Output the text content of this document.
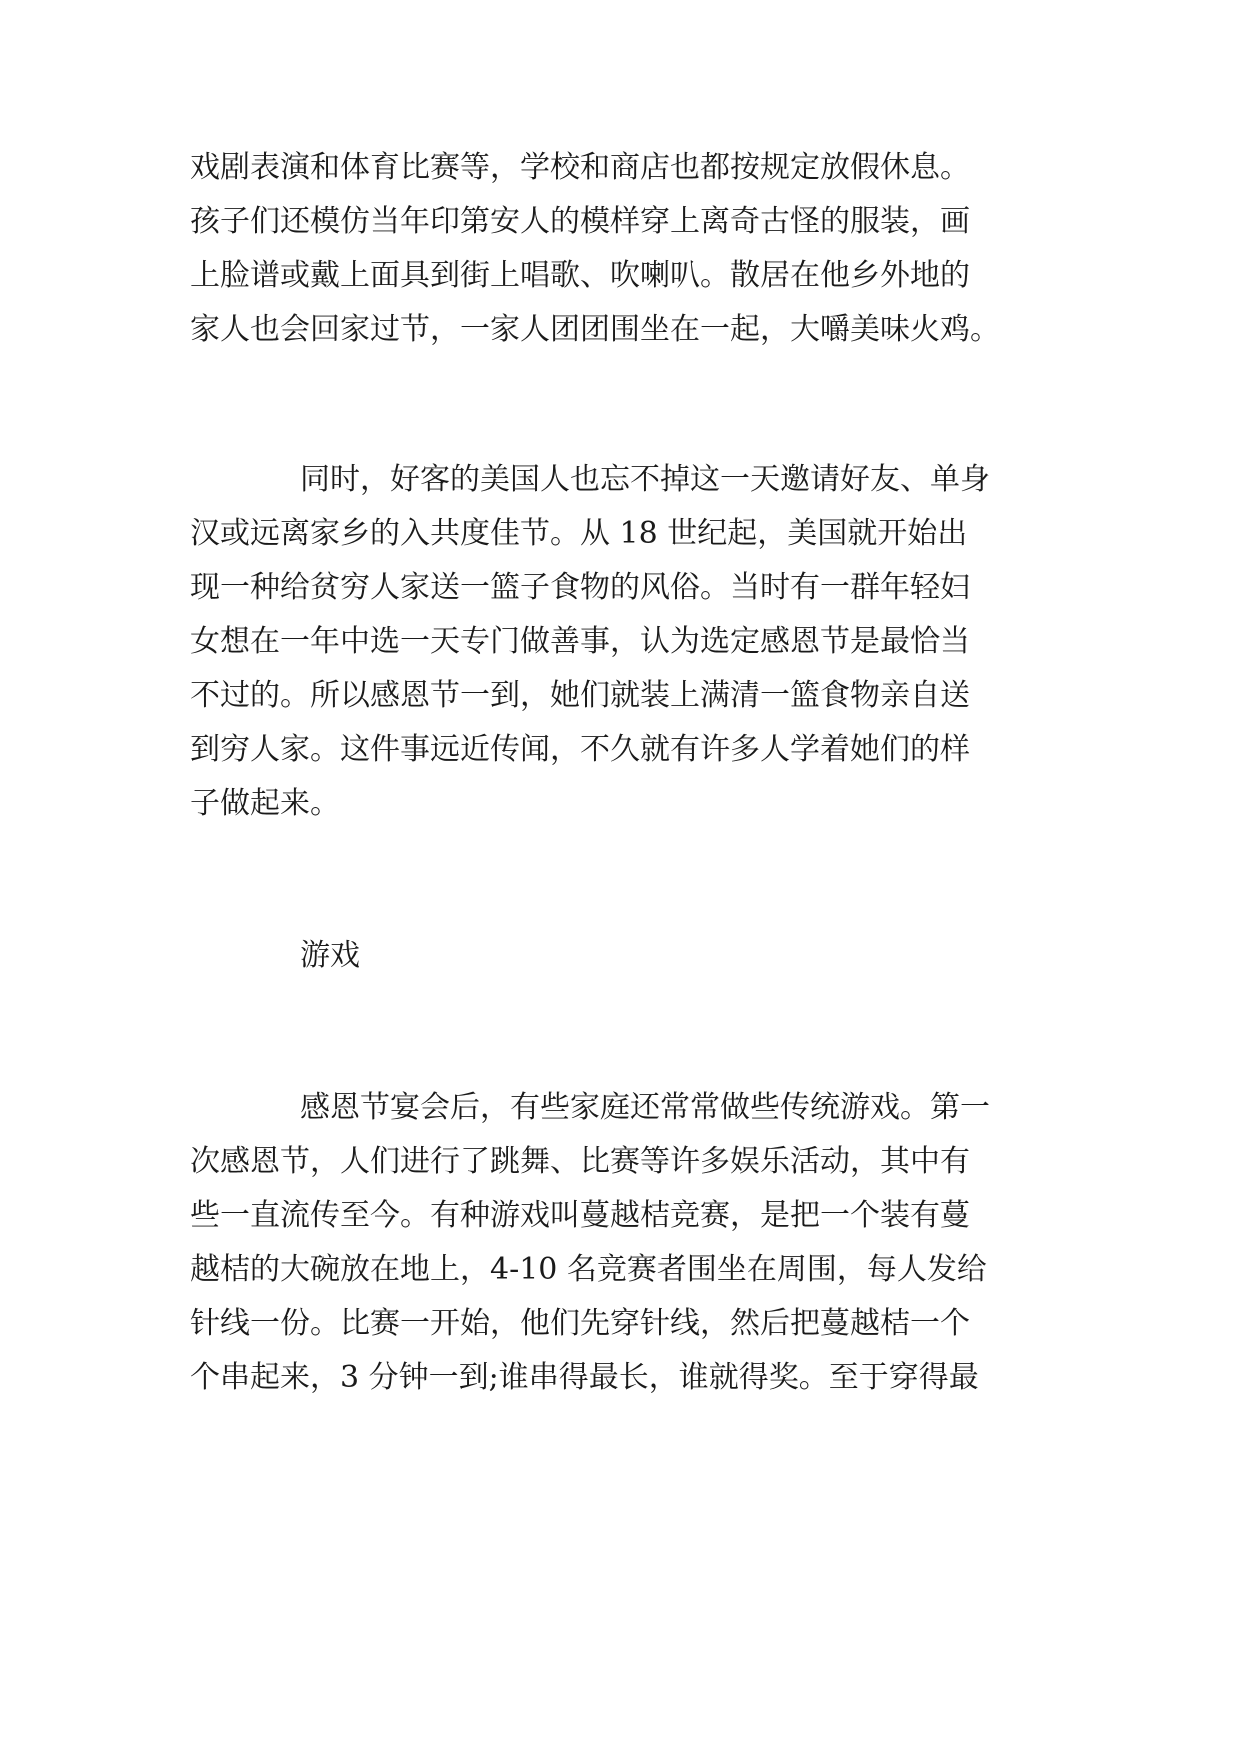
戏剧表演和体育比赛等，学校和商店也都按规定放假休息。
孩子们还模仿当年印第安人的模样穿上离奇古怪的服装，画
上脸谱或戴上面具到街上唱歌、吹喇叭。散居在他乡外地的
家人也会回家过节，一家人团团围坐在一起，大嚼美味火鸡。
同时，好客的美国人也忘不掉这一天邀请好友、单身
汉或远离家乡的入共度佳节。从 18 世纪起，美国就开始出
现一种给贫穷人家送一篮子食物的风俗。当时有一群年轻妇
女想在一年中选一天专门做善事，认为选定感恩节是最恰当
不过的。所以感恩节一到，她们就装上满清一篮食物亲自送
到穷人家。这件事远近传闻，不久就有许多人学着她们的样
子做起来。
游戏
感恩节宴会后，有些家庭还常常做些传统游戏。第一
次感恩节，人们进行了跳舞、比赛等许多娱乐活动，其中有
些一直流传至今。有种游戏叫蔓越桔竞赛，是把一个装有蔓
越桔的大碗放在地上，4-10 名竞赛者围坐在周围，每人发给
针线一份。比赛一开始，他们先穿针线，然后把蔓越桔一个
个串起来，3 分钟一到;谁串得最长，谁就得奖。至于穿得最
